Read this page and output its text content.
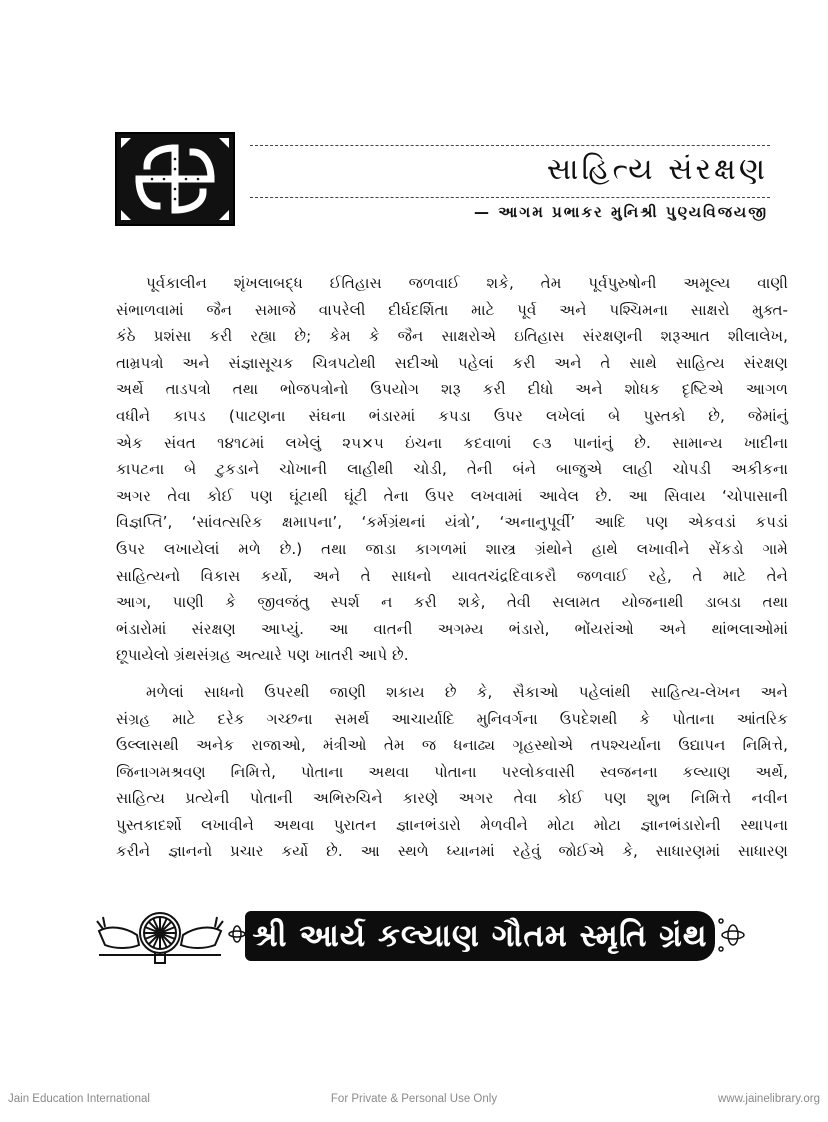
સાહિત્ય સંરક્ષણ
— આગમ પ્રભાકર મુનિશ્રી પુણ્યવિજયજી
પૂર્વકાલીન શૃંખલાબદ્ધ ઈતિહાસ જળવાઈ શકે, તેમ પૂર્વપુરુષોની અમૂલ્ય વાણી
સંભાળવામાં જૈન સમાજે વાપરેલી દીર્ઘદર્શિતા માટે પૂર્વ અને પશ્ચિમના સાક્ષરો મુક્ત-
કંઠે પ્રશંસા કરી રહ્યા છે; કેમ કે જૈન સાક્ષરોએ ઇતિહાસ સંરક્ષણની શરૂઆત શીલાલેખ,
તામ્રપત્રો અને સંજ્ઞાસૂચક ચિત્રપટોથી સદીઓ પહેલાં કરી અને તે સાથે સાહિત્ય સંરક્ષણ
અર્થે તાડપત્રો તથા ભોજપત્રોનો ઉપયોગ શરૂ કરી દીધો અને શોધક દૃષ્ટિએ આગળ
વધીને કાપડ (પાટણના સંઘના ભંડારમાં કપડા ઉપર લખેલાં બે પુસ્તકો છે, જેમાંનું
એક સંવત ૧૪૧૮માં લખેલું ૨૫×૫ ઇંચના કદવાળાં ૯૩ પાનાંનું છે. સામાન્ય ખાદીના
કાપટના બે ટુકડાને ચોખાની લાહીથી ચોડી, તેની બંને બાજુએ લાહી ચોપડી અકીકના
અગર તેવા કોઈ પણ ઘૂંટાથી ઘૂંટી તેના ઉપર લખવામાં આવેલ છે. આ સિવાય ‘ચોપાસાની
વિજ્ઞપ્તિ’, ‘સાંવત્સરિક ક્ષમાપના’, ‘કર્મગ્રંથનાં યંત્રો’, ‘અનાનુપૂર્વી’ આદિ પણ એકવડાં કપડાં
ઉપર લખાયેલાં મળે છે.) તથા જાડા કાગળમાં શાસ્ત્ર ગ્રંથોને હાથે લખાવીને સેંકડો ગામે
સાહિત્યનો વિકાસ કર્યો, અને તે સાધનો યાવતચંદ્રદિવાકરૌ જળવાઈ રહે, તે માટે તેને
આગ, પાણી કે જીવજંતુ સ્પર્શ ન કરી શકે, તેવી સલામત યોજનાથી ડાબડા તથા
ભંડારોમાં સંરક્ષણ આપ્યું. આ વાતની અગમ્ય ભંડારો, ભોંયરાંઓ અને થાંભલાઓમાં
છૂપાયેલો ગ્રંથસંગ્રહ અત્યારે પણ ખાતરી આપે છે.
મળેલાં સાધનો ઉપરથી જાણી શકાય છે કે, સૈકાઓ પહેલાંથી સાહિત્ય-લેખન અને
સંગ્રહ માટે દરેક ગચ્છના સમર્થ આચાર્યાદિ મુનિવર્ગના ઉપદેશથી કે પોતાના આંતરિક
ઉલ્લાસથી અનેક રાજાઓ, મંત્રીઓ તેમ જ ધનાઢ્ય ગૃહસ્થોએ તપશ્ચર્યાના ઉદ્યાપન નિમિત્તે,
જિનાગમશ્રવણ નિમિત્તે, પોતાના અથવા પોતાના પરલોકવાસી સ્વજનના કલ્યાણ અર્થે,
સાહિત્ય પ્રત્યેની પોતાની અભિરુચિને કારણે અગર તેવા કોઈ પણ શુભ નિમિત્તે નવીન
પુસ્તકાદર્શો લખાવીને અથવા પુરાતન જ્ઞાનભંડારો મેળવીને મોટા મોટા જ્ઞાનભંડારોની સ્થાપના
કરીને જ્ઞાનનો પ્રચાર કર્યો છે. આ સ્થળે ધ્યાનમાં રહેવું જોઈએ કે, સાધારણમાં સાધારણ
શ્રી આર્ય કલ્યાણ ગૌતમ સ્મૃતિ ગ્રંથ
Jain Education International	For Private & Personal Use Only	www.jainelibrary.org
